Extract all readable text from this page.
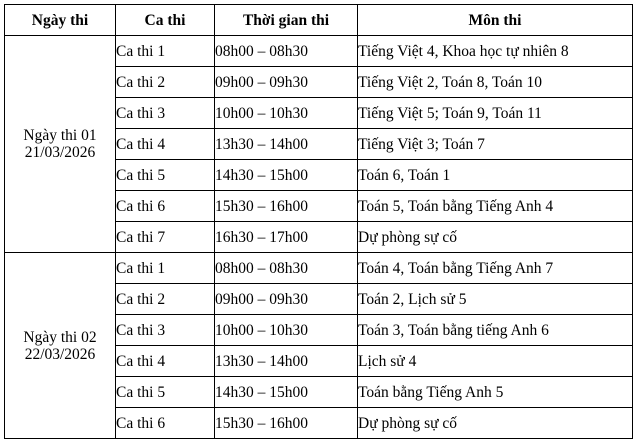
Ngày thi	Ca thi	Thời gian thi	Môn thi

Ngày thi 01
21/03/2026	Ca thi 1	08h00 – 08h30	Tiếng Việt 4, Khoa học tự nhiên 8
	Ca thi 2	09h00 – 09h30	Tiếng Việt 2, Toán 8, Toán 10
	Ca thi 3	10h00 – 10h30	Tiếng Việt 5; Toán 9, Toán 11
	Ca thi 4	13h30 – 14h00	Tiếng Việt 3; Toán 7
	Ca thi 5	14h30 – 15h00	Toán 6, Toán 1
	Ca thi 6	15h30 – 16h00	Toán 5, Toán bằng Tiếng Anh 4
	Ca thi 7	16h30 – 17h00	Dự phòng sự cố

Ngày thi 02
22/03/2026	Ca thi 1	08h00 – 08h30	Toán 4, Toán bằng Tiếng Anh 7
	Ca thi 2	09h00 – 09h30	Toán 2, Lịch sử 5
	Ca thi 3	10h00 – 10h30	Toán 3, Toán bằng tiếng Anh 6
	Ca thi 4	13h30 – 14h00	Lịch sử 4
	Ca thi 5	14h30 – 15h00	Toán bằng Tiếng Anh 5
	Ca thi 6	15h30 – 16h00	Dự phòng sự cố
